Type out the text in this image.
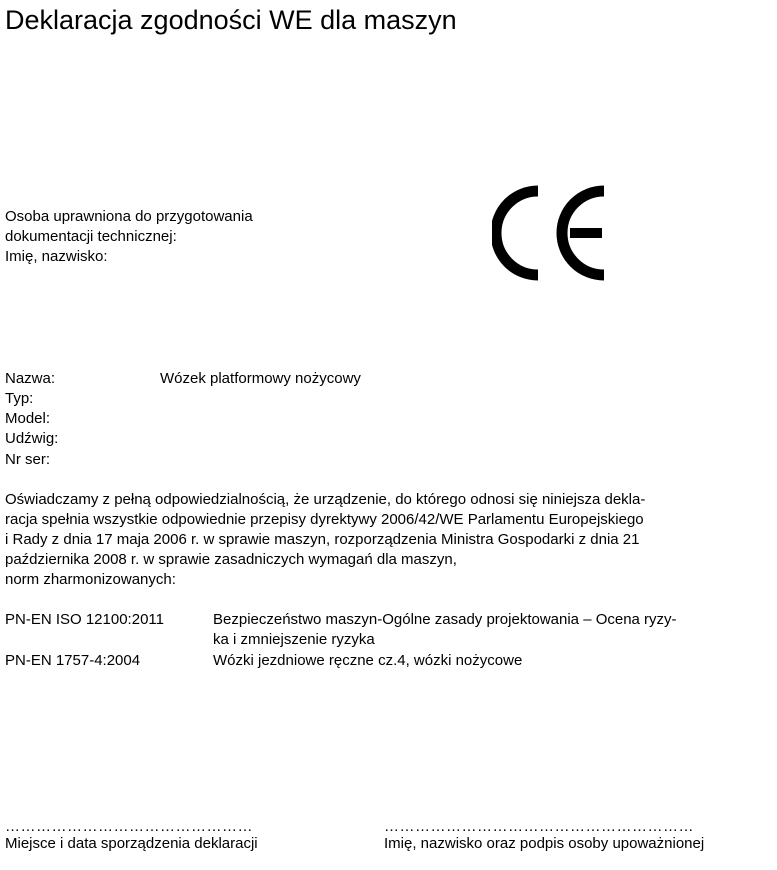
Deklaracja zgodności WE dla maszyn
Osoba uprawniona do przygotowania
dokumentacji technicznej:
Imię, nazwisko:
Nazwa:	Wózek platformowy nożycowy
Typ:
Model:
Udźwig:
Nr ser:
Oświadczamy z pełną odpowiedzialnością, że urządzenie, do którego odnosi się niniejsza dekla-
racja spełnia wszystkie odpowiednie przepisy dyrektywy 2006/42/WE Parlamentu Europejskiego
i Rady z dnia 17 maja 2006 r. w sprawie maszyn, rozporządzenia Ministra Gospodarki z dnia 21
października 2008 r. w sprawie zasadniczych wymagań dla maszyn,
norm zharmonizowanych:
PN-EN ISO 12100:2011	Bezpieczeństwo maszyn-Ogólne zasady projektowania – Ocena ryzy-
ka i zmniejszenie ryzyka
PN-EN 1757-4:2004	Wózki jezdniowe ręczne cz.4, wózki nożycowe
…………………………………………
Miejsce i data sporządzenia deklaracji
……………………………………………………
Imię, nazwisko oraz podpis osoby upoważnionej
